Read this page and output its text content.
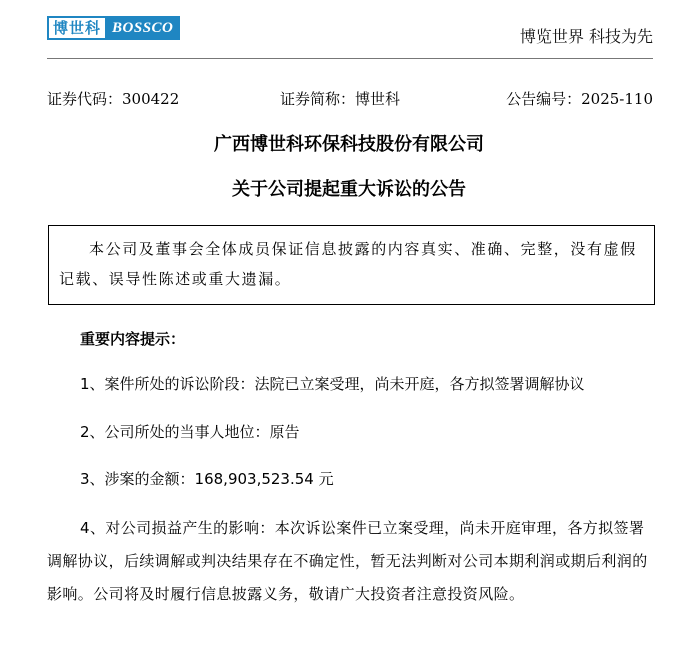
博世科 BOSSCO	博览世界 科技为先
证券代码：300422	证券简称：博世科	公告编号：2025-110
广西博世科环保科技股份有限公司
关于公司提起重大诉讼的公告
本公司及董事会全体成员保证信息披露的内容真实、准确、完整，没有虚假记载、误导性陈述或重大遗漏。
重要内容提示：
1、案件所处的诉讼阶段：法院已立案受理，尚未开庭，各方拟签署调解协议
2、公司所处的当事人地位：原告
3、涉案的金额：168,903,523.54 元
4、对公司损益产生的影响：本次诉讼案件已立案受理，尚未开庭审理，各方拟签署调解协议，后续调解或判决结果存在不确定性，暂无法判断对公司本期利润或期后利润的影响。公司将及时履行信息披露义务，敬请广大投资者注意投资风险。
